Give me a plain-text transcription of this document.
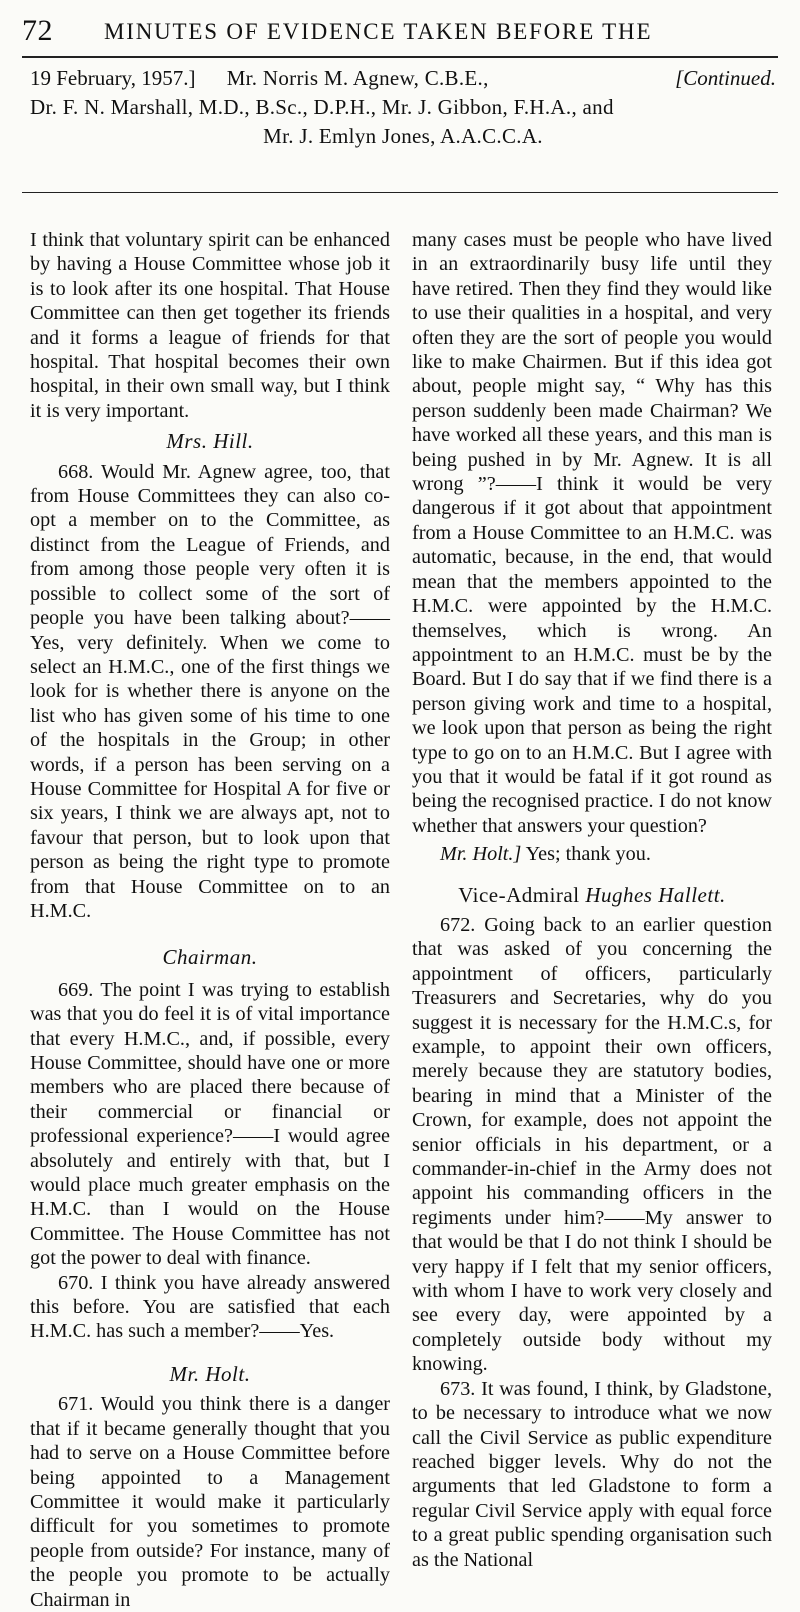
72 MINUTES OF EVIDENCE TAKEN BEFORE THE
19 February, 1957.] Mr. Norris M. Agnew, C.B.E.,	[Continued.
Dr. F. N. Marshall, M.D., B.Sc., D.P.H., Mr. J. Gibbon, F.H.A., and
Mr. J. Emlyn Jones, A.A.C.C.A.

I think that voluntary spirit can be enhanced by having a House Committee whose job it is to look after its one hospital. That House Committee can then get together its friends and it forms a league of friends for that hospital. That hospital becomes their own hospital, in their own small way, but I think it is very important.

Mrs. Hill.

668. Would Mr. Agnew agree, too, that from House Committees they can also co-opt a member on to the Committee, as distinct from the League of Friends, and from among those people very often it is possible to collect some of the sort of people you have been talking about?——Yes, very definitely. When we come to select an H.M.C., one of the first things we look for is whether there is anyone on the list who has given some of his time to one of the hospitals in the Group; in other words, if a person has been serving on a House Committee for Hospital A for five or six years, I think we are always apt, not to favour that person, but to look upon that person as being the right type to promote from that House Committee on to an H.M.C.

Chairman.

669. The point I was trying to establish was that you do feel it is of vital importance that every H.M.C., and, if possible, every House Committee, should have one or more members who are placed there because of their commercial or financial or professional experience?——I would agree absolutely and entirely with that, but I would place much greater emphasis on the H.M.C. than I would on the House Committee. The House Committee has not got the power to deal with finance.

670. I think you have already answered this before. You are satisfied that each H.M.C. has such a member?——Yes.

Mr. Holt.

671. Would you think there is a danger that if it became generally thought that you had to serve on a House Committee before being appointed to a Management Committee it would make it particularly difficult for you sometimes to promote people from outside? For instance, many of the people you promote to be actually Chairman in

many cases must be people who have lived in an extraordinarily busy life until they have retired. Then they find they would like to use their qualities in a hospital, and very often they are the sort of people you would like to make Chairmen. But if this idea got about, people might say, “ Why has this person suddenly been made Chairman? We have worked all these years, and this man is being pushed in by Mr. Agnew. It is all wrong ”?——I think it would be very dangerous if it got about that appointment from a House Committee to an H.M.C. was automatic, because, in the end, that would mean that the members appointed to the H.M.C. were appointed by the H.M.C. themselves, which is wrong. An appointment to an H.M.C. must be by the Board. But I do say that if we find there is a person giving work and time to a hospital, we look upon that person as being the right type to go on to an H.M.C. But I agree with you that it would be fatal if it got round as being the recognised practice. I do not know whether that answers your question?

Mr. Holt.] Yes; thank you.

Vice-Admiral Hughes Hallett.

672. Going back to an earlier question that was asked of you concerning the appointment of officers, particularly Treasurers and Secretaries, why do you suggest it is necessary for the H.M.C.s, for example, to appoint their own officers, merely because they are statutory bodies, bearing in mind that a Minister of the Crown, for example, does not appoint the senior officials in his department, or a commander-in-chief in the Army does not appoint his commanding officers in the regiments under him?——My answer to that would be that I do not think I should be very happy if I felt that my senior officers, with whom I have to work very closely and see every day, were appointed by a completely outside body without my knowing.

673. It was found, I think, by Gladstone, to be necessary to introduce what we now call the Civil Service as public expenditure reached bigger levels. Why do not the arguments that led Gladstone to form a regular Civil Service apply with equal force to a great public spending organisation such as the National
